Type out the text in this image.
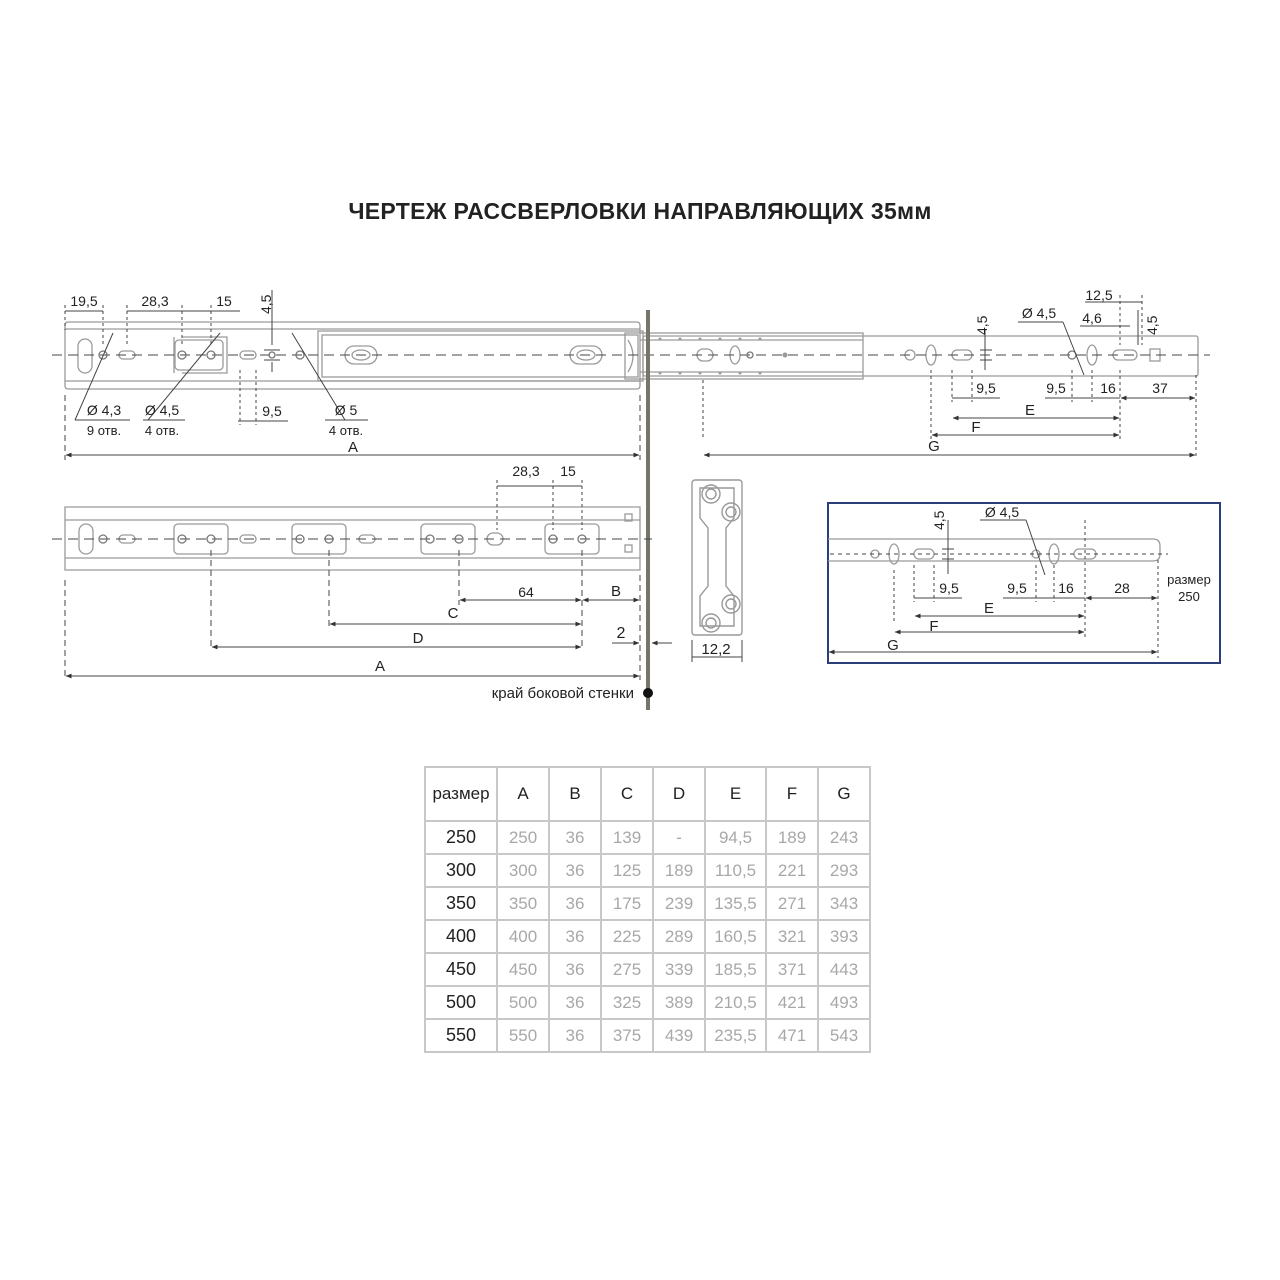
ЧЕРТЕЖ РАССВЕРЛОВКИ НАПРАВЛЯЮЩИХ 35мм
19,5	28,3	15 4,5
9,5
Ø 4,3
9 отв.
Ø 4,5
4 отв.
Ø 5
4 отв.
A
12,5
4,6	4,5
4,5
Ø 4,5
9,5	9,5 16	37
E
F
G
28,3 15
64	B
C
D
A
2
край боковой стенки
12,2
4,5	Ø 4,5
9,5	9,5 16	28
E
F
G
размер
250
размер	A	B	C	D	E	F	G
250	250	36	139	-	94,5	189	243
300	300	36	125	189	110,5	221	293
350	350	36	175	239	135,5	271	343
400	400	36	225	289	160,5	321	393
450	450	36	275	339	185,5	371	443
500	500	36	325	389	210,5	421	493
550	550	36	375	439	235,5	471	543
